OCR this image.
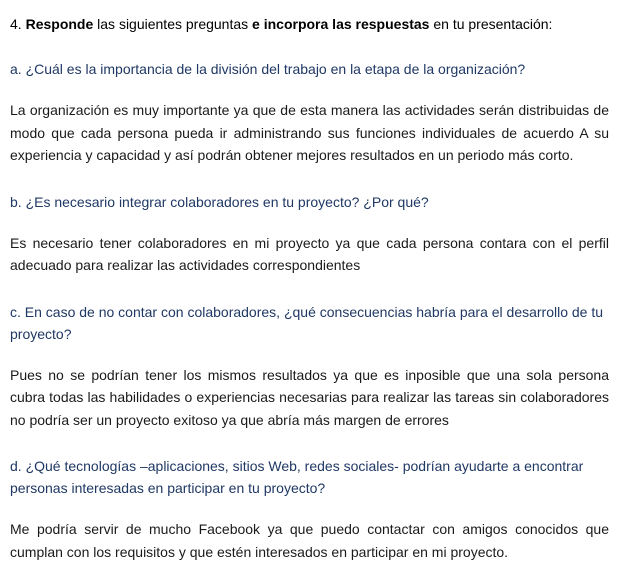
4. Responde las siguientes preguntas e incorpora las respuestas en tu presentación:

a. ¿Cuál es la importancia de la división del trabajo en la etapa de la organización?

La organización es muy importante ya que de esta manera las actividades serán distribuidas de modo que cada persona pueda ir administrando sus funciones individuales de acuerdo A su experiencia y capacidad y así podrán obtener mejores resultados en un periodo más corto.

b. ¿Es necesario integrar colaboradores en tu proyecto? ¿Por qué?

Es necesario tener colaboradores en mi proyecto ya que cada persona contara con el perfil adecuado para realizar las actividades correspondientes

c. En caso de no contar con colaboradores, ¿qué consecuencias habría para el desarrollo de tu proyecto?

Pues no se podrían tener los mismos resultados ya que es inposible que una sola persona cubra todas las habilidades o experiencias necesarias para realizar las tareas sin colaboradores no podría ser un proyecto exitoso ya que abría más margen de errores

d. ¿Qué tecnologías –aplicaciones, sitios Web, redes sociales- podrían ayudarte a encontrar personas interesadas en participar en tu proyecto?

Me podría servir de mucho Facebook ya que puedo contactar con amigos conocidos que cumplan con los requisitos y que estén interesados en participar en mi proyecto.
